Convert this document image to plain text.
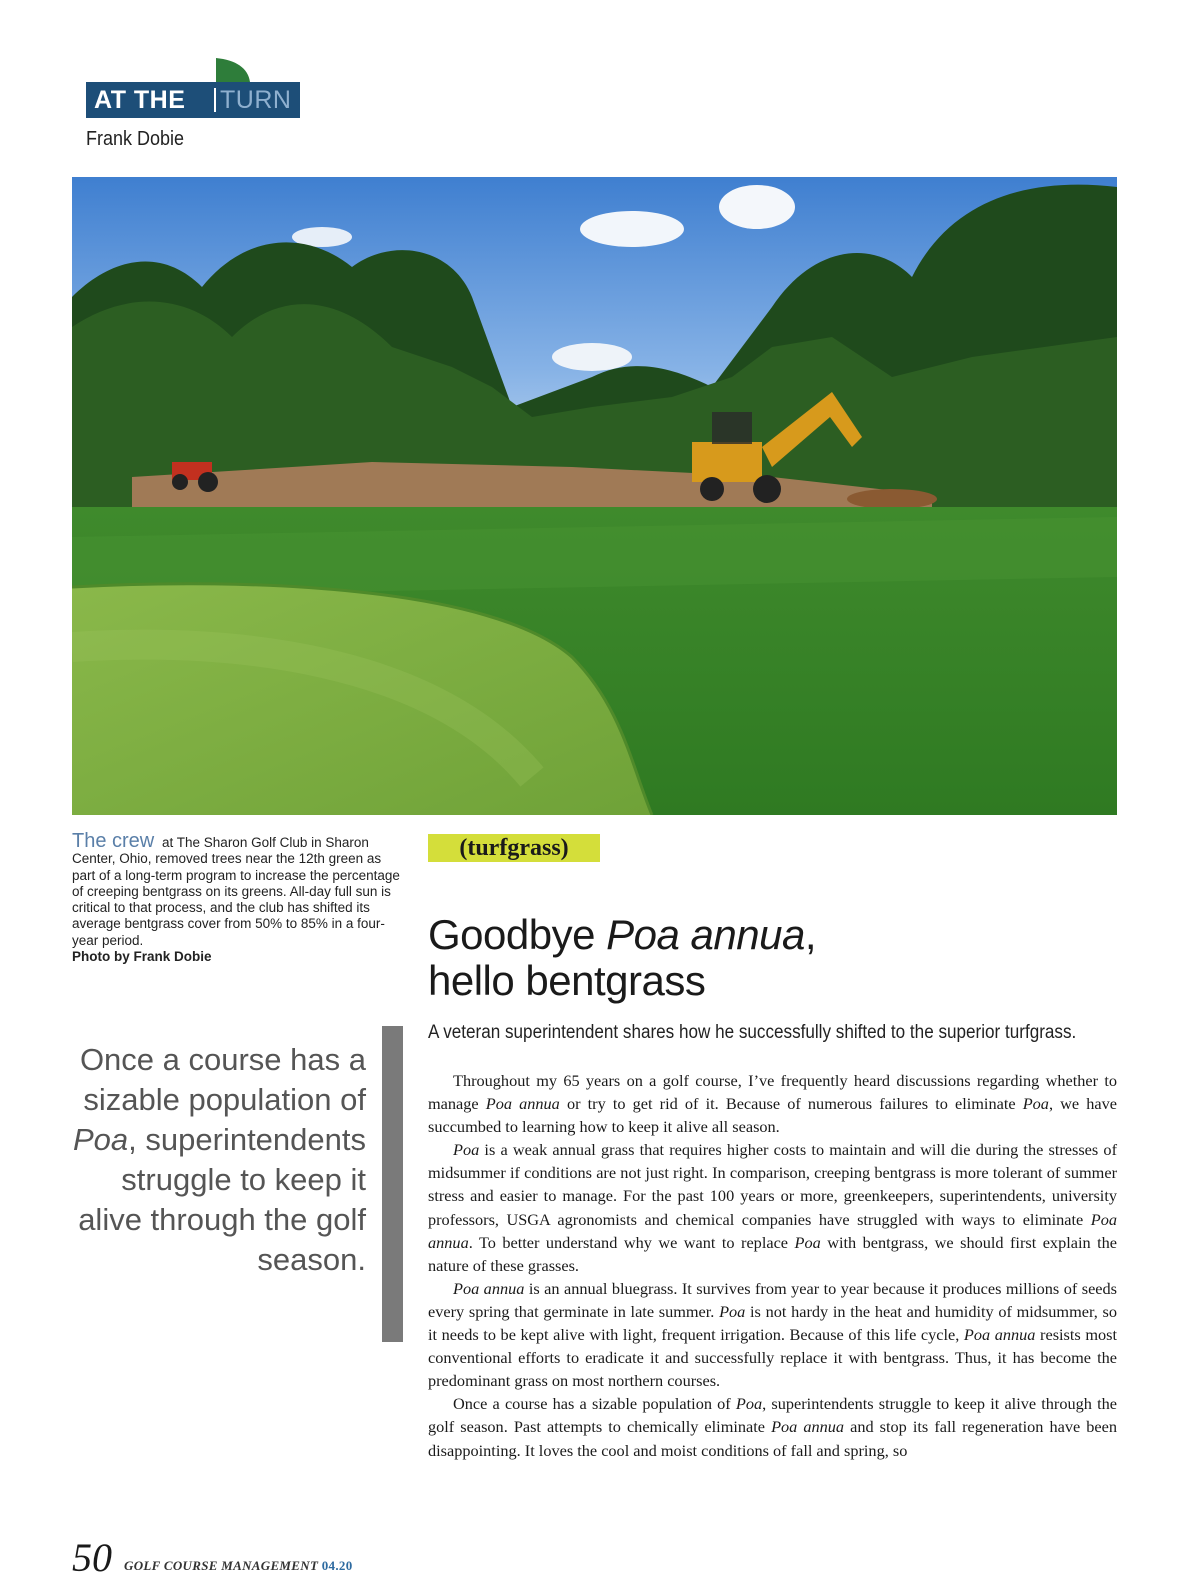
AT THE TURN
Frank Dobie
The crew at The Sharon Golf Club in Sharon Center, Ohio, removed trees near the 12th green as part of a long-term program to increase the percentage of creeping bentgrass on its greens. All-day full sun is critical to that process, and the club has shifted its average bentgrass cover from 50% to 85% in a four-year period.
Photo by Frank Dobie
(turfgrass)
Goodbye Poa annua,
hello bentgrass
A veteran superintendent shares how he successfully shifted to the superior turfgrass.
Once a course has a sizable population of Poa, superintendents struggle to keep it alive through the golf season.

Throughout my 65 years on a golf course, I’ve frequently heard discussions regarding whether to manage Poa annua or try to get rid of it. Because of numerous failures to eliminate Poa, we have succumbed to learning how to keep it alive all season.

Poa is a weak annual grass that requires higher costs to maintain and will die during the stresses of midsummer if conditions are not just right. In comparison, creeping bentgrass is more tolerant of summer stress and easier to manage. For the past 100 years or more, greenkeepers, superintendents, university professors, USGA agronomists and chemical companies have struggled with ways to eliminate Poa annua. To better understand why we want to replace Poa with bentgrass, we should first explain the nature of these grasses.

Poa annua is an annual bluegrass. It survives from year to year because it produces millions of seeds every spring that germinate in late summer. Poa is not hardy in the heat and humidity of midsummer, so it needs to be kept alive with light, frequent irrigation. Because of this life cycle, Poa annua resists most conventional efforts to eradicate it and successfully replace it with bentgrass. Thus, it has become the predominant grass on most northern courses.

Once a course has a sizable population of Poa, superintendents struggle to keep it alive through the golf season. Past attempts to chemically eliminate Poa annua and stop its fall regeneration have been disappointing. It loves the cool and moist conditions of fall and spring, so

50 GOLF COURSE MANAGEMENT 04.20
